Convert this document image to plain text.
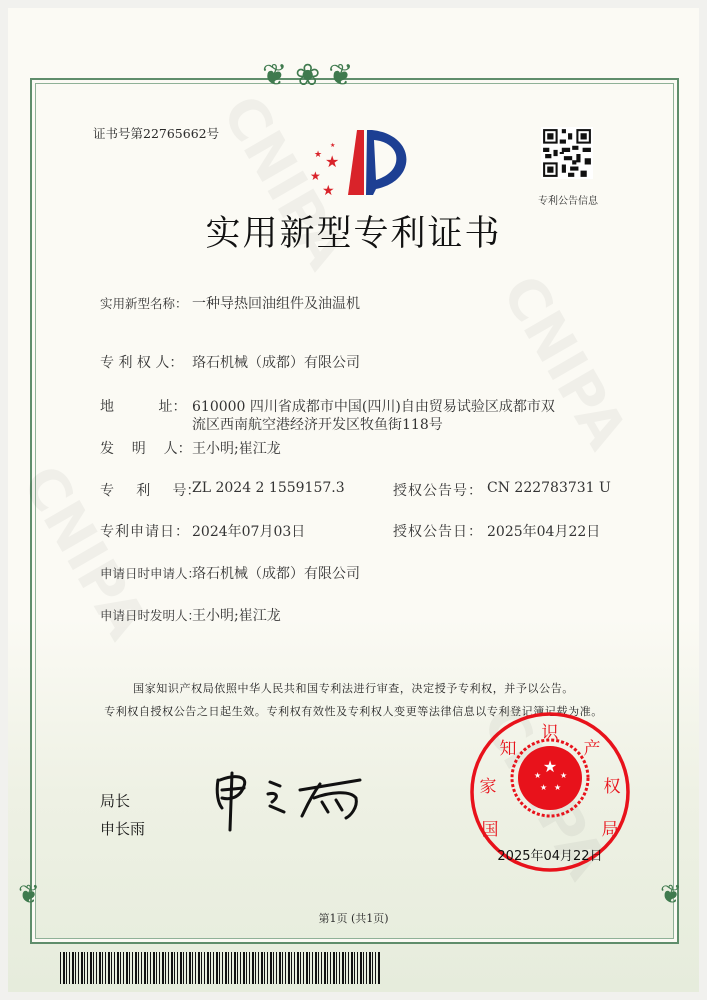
❦❀❦
❦	❦
证书号第22765662号
★
★
★
★
★
专利公告信息
实用新型专利证书
实用新型名称： 一种导热回油组件及油温机
专 利 权 人： 珞石机械（成都）有限公司
地          址： 610000 四川省成都市中国(四川)自由贸易试验区成都市双
流区西南航空港经济开发区牧鱼街118号
发    明    人： 王小明;崔江龙
专     利     号：
ZL 2024 2 1559157.3	授权公告号： CN 222783731 U
专利申请日： 2024年07月03日	授权公告日： 2025年04月22日
申请日时申请人：
珞石机械（成都）有限公司
申请日时发明人：
王小明;崔江龙
国家知识产权局依照中华人民共和国专利法进行审查，决定授予专利权，并予以公告。
专利权自授权公告之日起生效。专利权有效性及专利权人变更等法律信息以专利登记簿记载为准。
局长
申长雨
★
★ ★
★ ★
国
家
知
识
产
权
局
2025年04月22日
第1页 (共1页)
